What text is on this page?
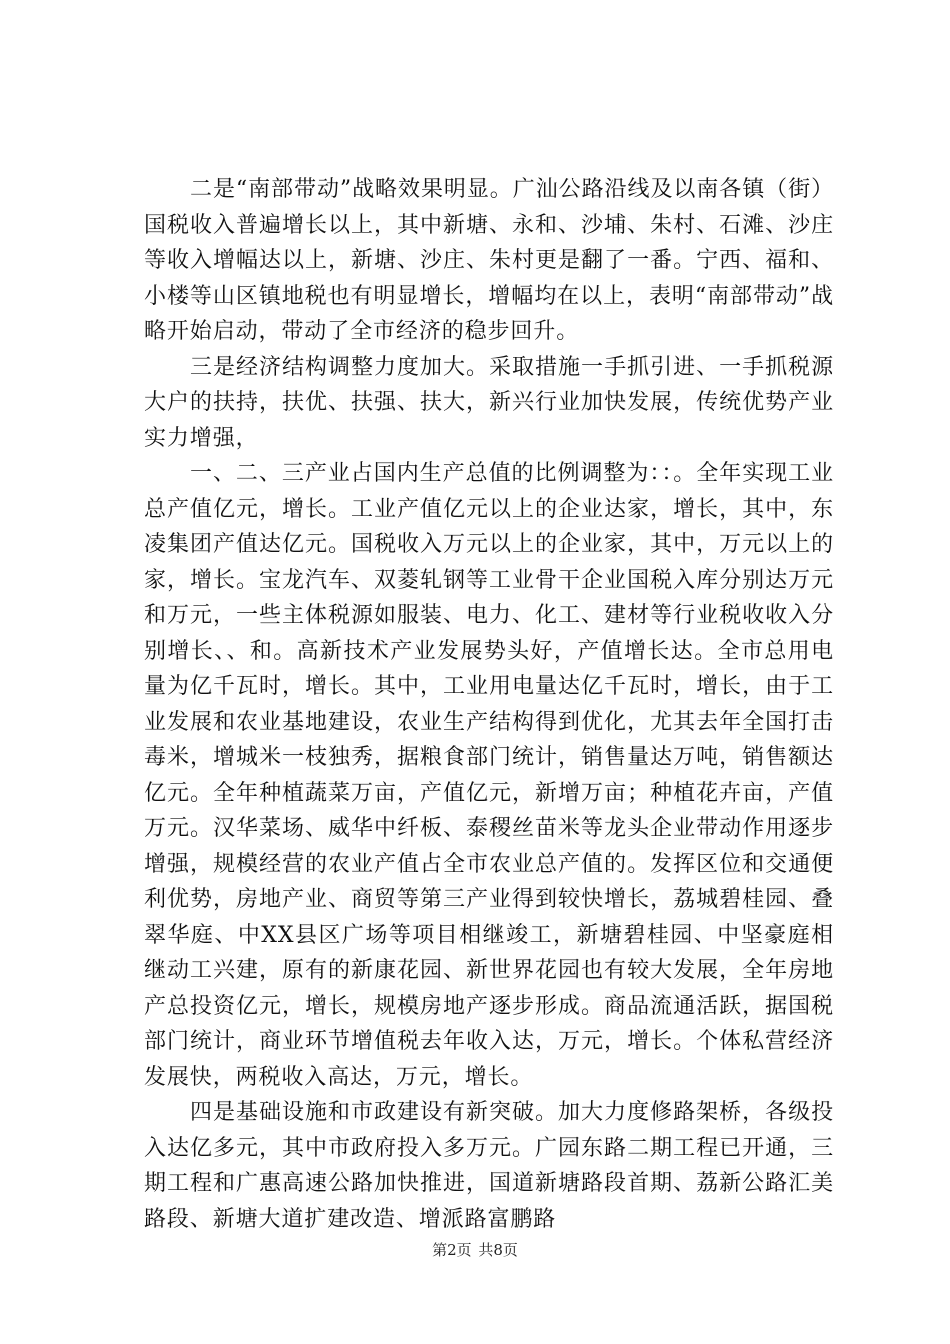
二是“南部带动”战略效果明显。广汕公路沿线及以南各镇（街）国税收入普遍增长以上，其中新塘、永和、沙埔、朱村、石滩、沙庄等收入增幅达以上，新塘、沙庄、朱村更是翻了一番。宁西、福和、小楼等山区镇地税也有明显增长，增幅均在以上，表明“南部带动”战略开始启动，带动了全市经济的稳步回升。

三是经济结构调整力度加大。采取措施一手抓引进、一手抓税源大户的扶持，扶优、扶强、扶大，新兴行业加快发展，传统优势产业实力增强，

一、二、三产业占国内生产总值的比例调整为：：。全年实现工业总产值亿元，增长。工业产值亿元以上的企业达家，增长，其中，东凌集团产值达亿元。国税收入万元以上的企业家，其中，万元以上的家，增长。宝龙汽车、双菱轧钢等工业骨干企业国税入库分别达万元和万元，一些主体税源如服装、电力、化工、建材等行业税收收入分别增长、、和。高新技术产业发展势头好，产值增长达。全市总用电量为亿千瓦时，增长。其中，工业用电量达亿千瓦时，增长，由于工业发展和农业基地建设，农业生产结构得到优化，尤其去年全国打击毒米，增城米一枝独秀，据粮食部门统计，销售量达万吨，销售额达亿元。全年种植蔬菜万亩，产值亿元，新增万亩；种植花卉亩，产值万元。汉华菜场、威华中纤板、泰稷丝苗米等龙头企业带动作用逐步增强，规模经营的农业产值占全市农业总产值的。发挥区位和交通便利优势，房地产业、商贸等第三产业得到较快增长，荔城碧桂园、叠翠华庭、中XX县区广场等项目相继竣工，新塘碧桂园、中坚豪庭相继动工兴建，原有的新康花园、新世界花园也有较大发展，全年房地产总投资亿元，增长，规模房地产逐步形成。商品流通活跃，据国税部门统计，商业环节增值税去年收入达，万元，增长。个体私营经济发展快，两税收入高达，万元，增长。

四是基础设施和市政建设有新突破。加大力度修路架桥，各级投入达亿多元，其中市政府投入多万元。广园东路二期工程已开通，三期工程和广惠高速公路加快推进，国道新塘路段首期、荔新公路汇美路段、新塘大道扩建改造、增派路富鹏路

第2页 共8页
